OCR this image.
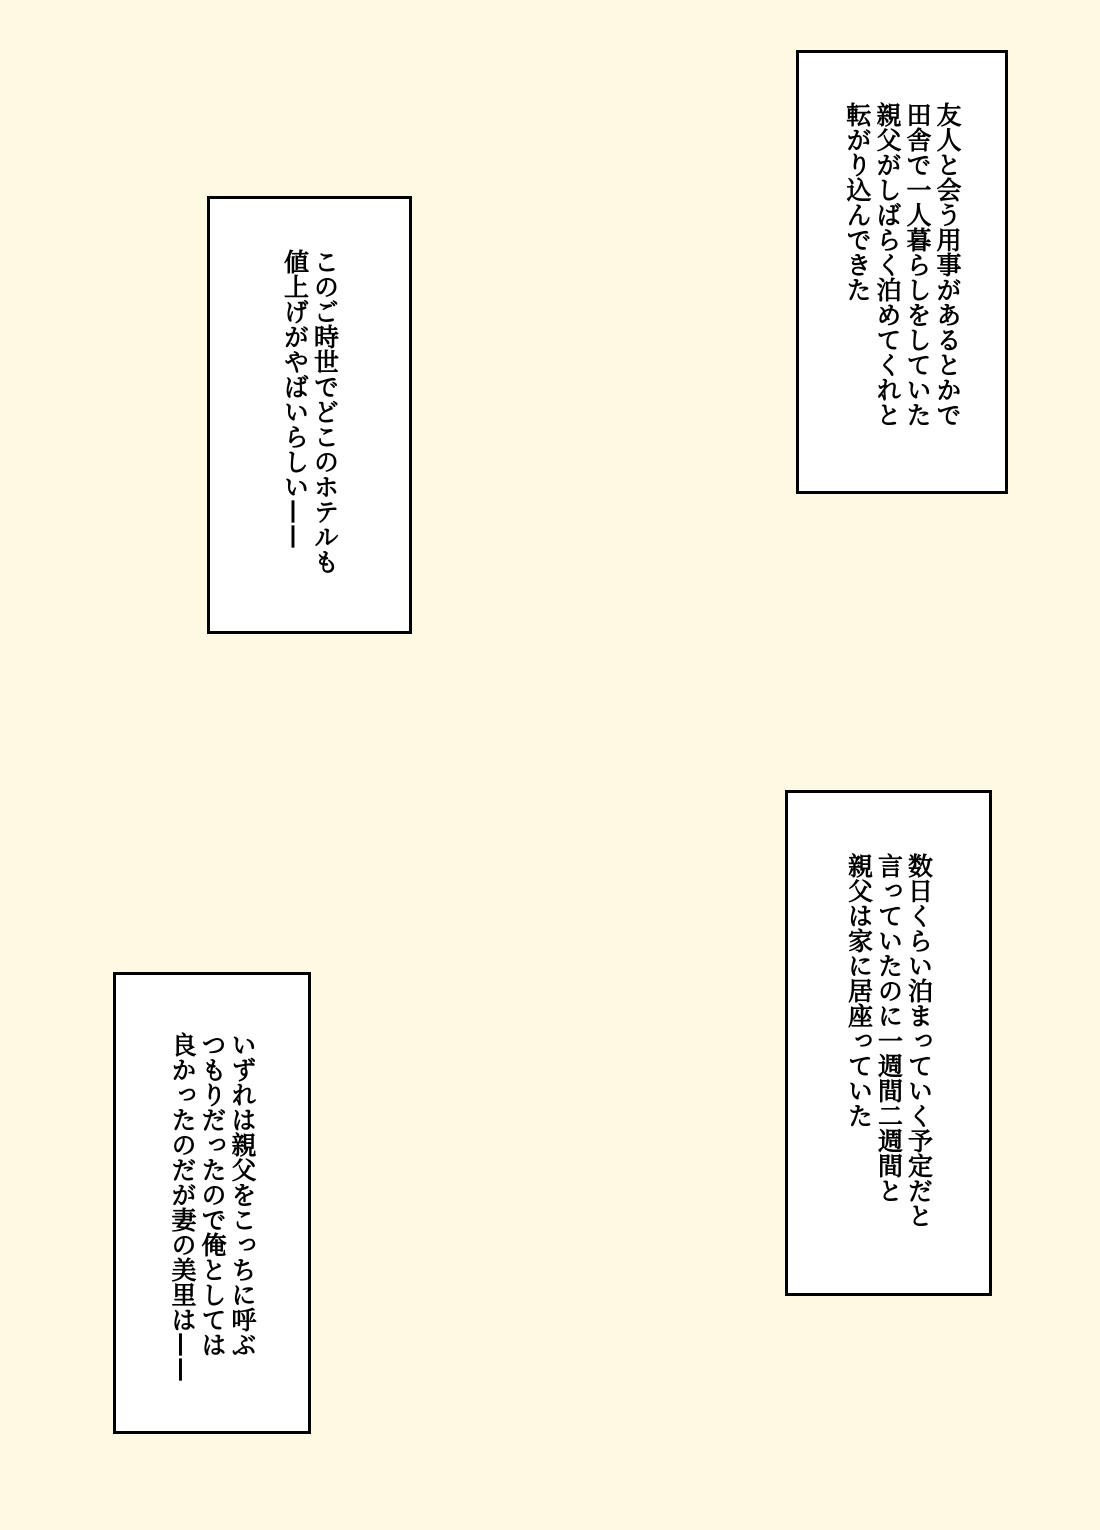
友人と会う用事があるとかで
田舎で一人暮らしをしていた
親父がしばらく泊めてくれと
転がり込んできた
このご時世でどこのホテルも
値上げがやばいらしい——
数日くらい泊まっていく予定だと
言っていたのに一週間二週間と
親父は家に居座っていた
いずれは親父をこっちに呼ぶ
つもりだったので俺としては
良かったのだが妻の美里は——
